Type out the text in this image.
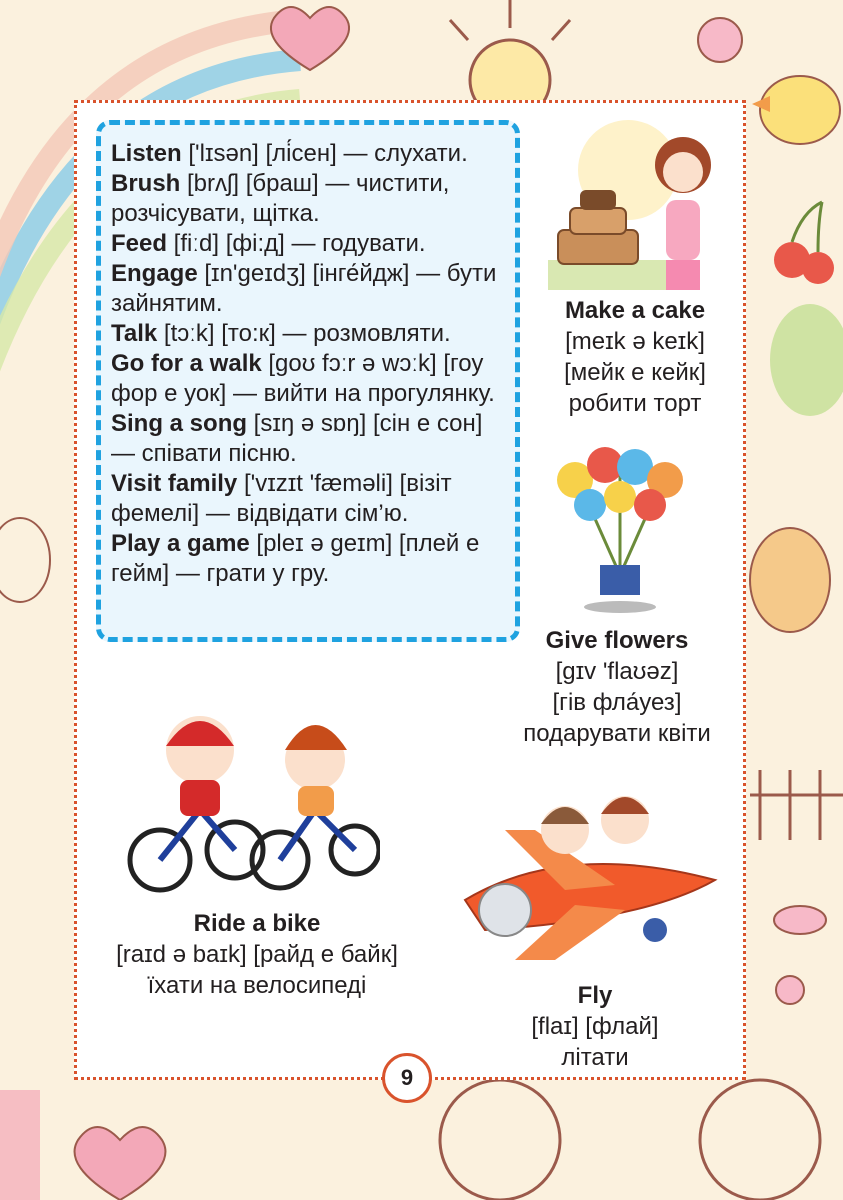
Listen ['lɪsən] [лі́сен] — слухати.

Brush [brʌʃ] [браш] — чистити, розчісувати, щітка.

Feed [fiːd] [фі:д] — годувати.

Engage [ɪn'geɪdʒ] [інге́йдж] — бути зайнятим.

Talk [tɔːk] [то:к] — розмовляти.

Go for a walk [goʊ fɔːr ə wɔːk] [гоу фор е уок] — вийти на прогулянку.

Sing a song [sɪŋ ə sɒŋ] [сін е сон] — співати пісню.

Visit family ['vɪzɪt 'fæməli] [візіт фемелі] — відвідати сім’ю.

Play a game [pleɪ ə geɪm] [плей е гейм] — грати у гру.

Make a cake
[meɪk ə keɪk]
[мейк е кейк]
робити торт
Give flowers
[gɪv 'flaʊəz]
[гів фла́уез]
подарувати квіти
Ride a bike
[raɪd ə baɪk] [райд е байк]
їхати на велосипеді	Fly
[flaɪ] [флай]
літати
9
